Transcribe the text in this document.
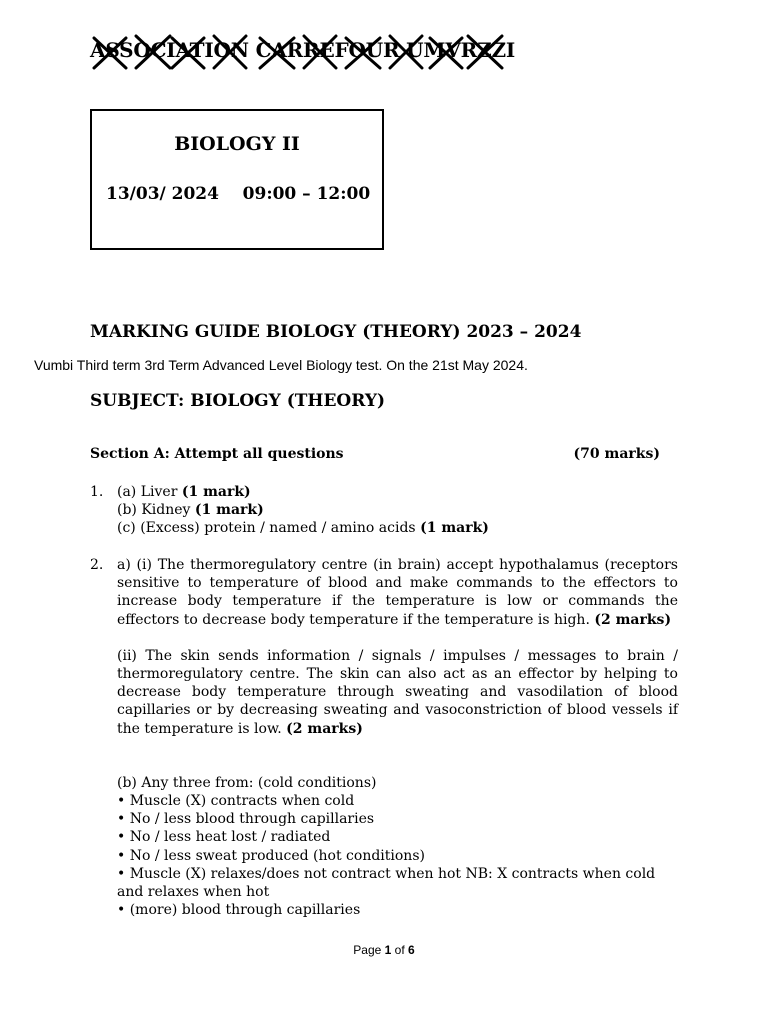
ASSOCIATION CARREFOUR UMVRZZI
BIOLOGY II
13/03/ 2024 09:00 – 12:00
MARKING GUIDE BIOLOGY (THEORY) 2023 – 2024
Vumbi Third term 3rd Term Advanced Level Biology test. On the 21st May 2024.
SUBJECT: BIOLOGY (THEORY)
Section A: Attempt all questions	(70 marks)
1. (a) Liver (1 mark)

(b) Kidney (1 mark)

(c) (Excess) protein / named / amino acids (1 mark)

2. a) (i) The thermoregulatory centre (in brain) accept hypothalamus (receptors sensitive to temperature of blood and make commands to the effectors to increase body temperature if the temperature is low or commands the effectors to decrease body temperature if the temperature is high. (2 marks)

(ii) The skin sends information / signals / impulses / messages to brain / thermoregulatory centre. The skin can also act as an effector by helping to decrease body temperature through sweating and vasodilation of blood capillaries or by decreasing sweating and vasoconstriction of blood vessels if the temperature is low. (2 marks)

(b) Any three from: (cold conditions)

• Muscle (X) contracts when cold

• No / less blood through capillaries

• No / less heat lost / radiated

• No / less sweat produced (hot conditions)

• Muscle (X) relaxes/does not contract when hot NB: X contracts when cold and relaxes when hot

• (more) blood through capillaries

Page 1 of 6
